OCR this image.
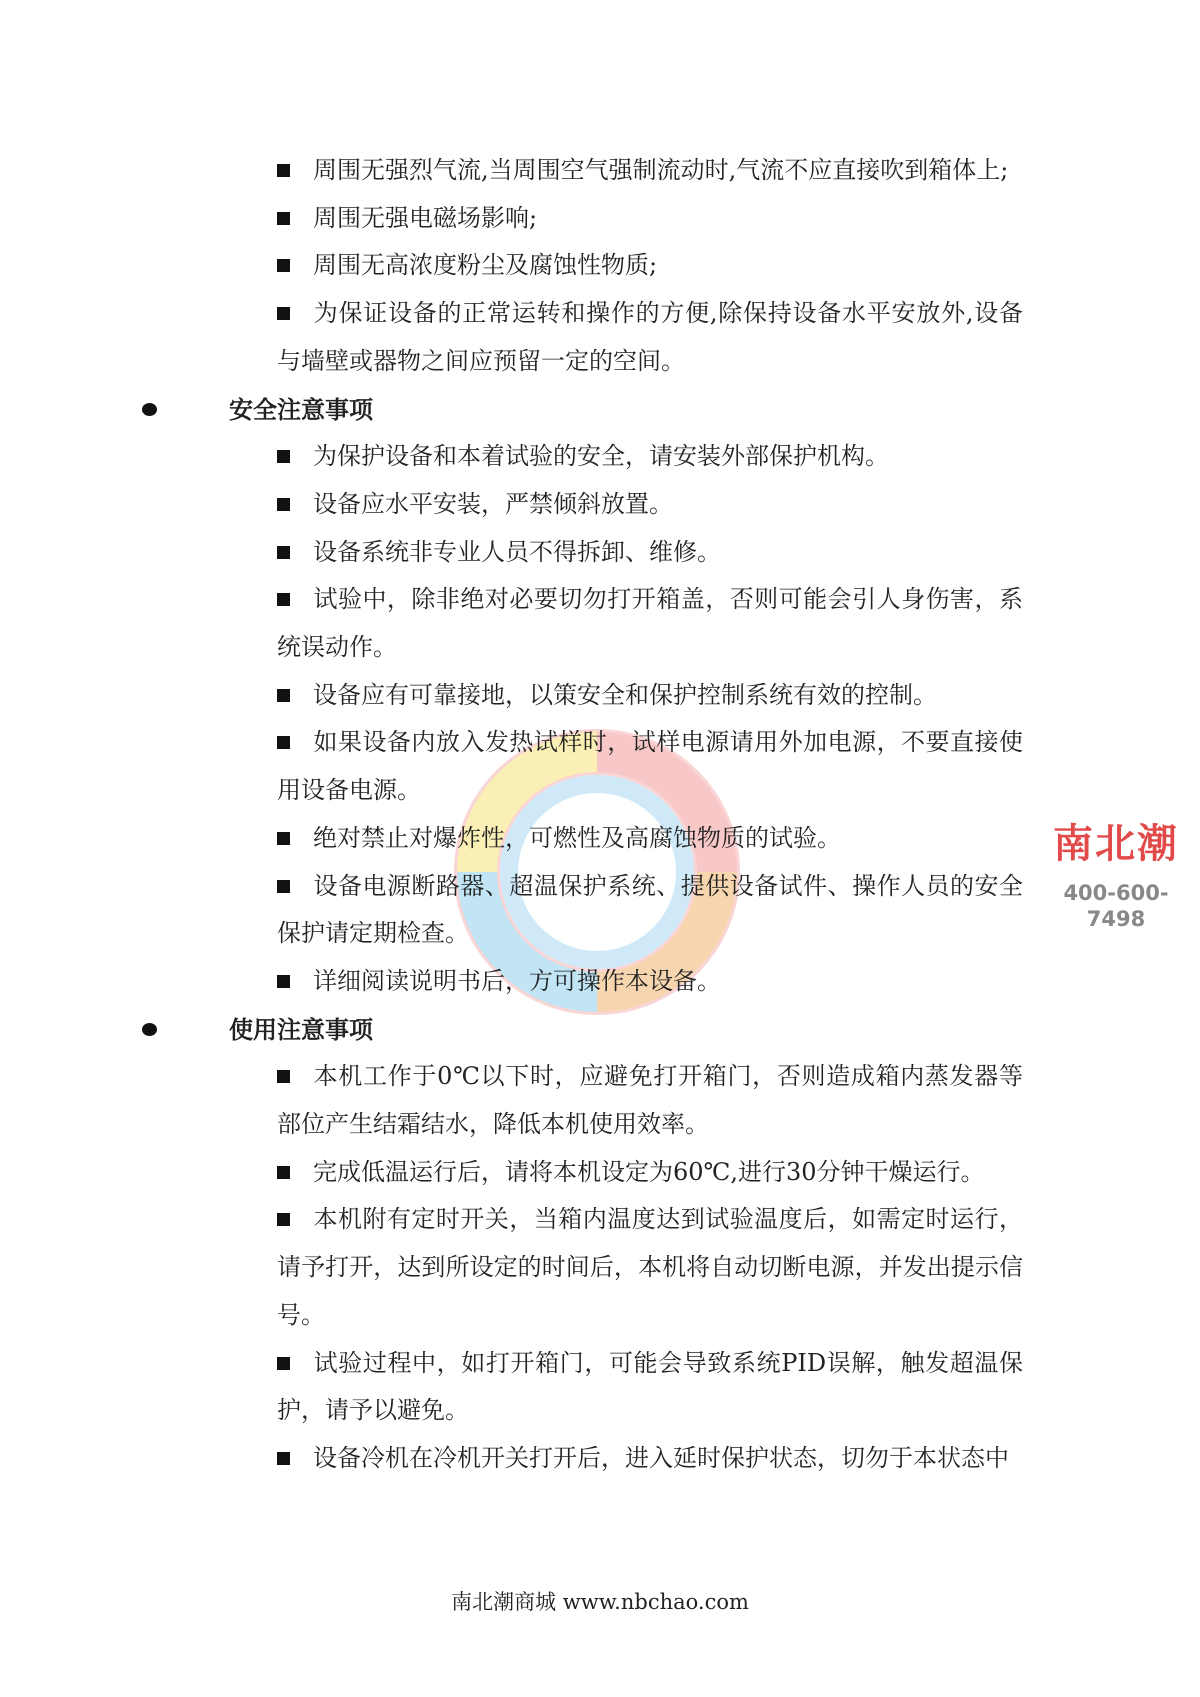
南北潮
400-600-7498
周围无强烈气流,当周围空气强制流动时,气流不应直接吹到箱体上;
周围无强电磁场影响;
周围无高浓度粉尘及腐蚀性物质;
为保证设备的正常运转和操作的方便,除保持设备水平安放外,设备与墙壁或器物之间应预留一定的空间。
安全注意事项
为保护设备和本着试验的安全，请安装外部保护机构。
设备应水平安装，严禁倾斜放置。
设备系统非专业人员不得拆卸、维修。
试验中，除非绝对必要切勿打开箱盖，否则可能会引人身伤害，系统误动作。
设备应有可靠接地，以策安全和保护控制系统有效的控制。
如果设备内放入发热试样时，试样电源请用外加电源，不要直接使用设备电源。
绝对禁止对爆炸性，可燃性及高腐蚀物质的试验。
设备电源断路器、超温保护系统、提供设备试件、操作人员的安全保护请定期检查。
详细阅读说明书后，方可操作本设备。
使用注意事项
本机工作于0℃以下时，应避免打开箱门，否则造成箱内蒸发器等部位产生结霜结水，降低本机使用效率。
完成低温运行后，请将本机设定为60℃,进行30分钟干燥运行。
本机附有定时开关，当箱内温度达到试验温度后，如需定时运行，请予打开，达到所设定的时间后，本机将自动切断电源，并发出提示信号。
试验过程中，如打开箱门，可能会导致系统PID误解，触发超温保护，请予以避免。
设备冷机在冷机开关打开后，进入延时保护状态，切勿于本状态中
南北潮商城 www.nbchao.com
